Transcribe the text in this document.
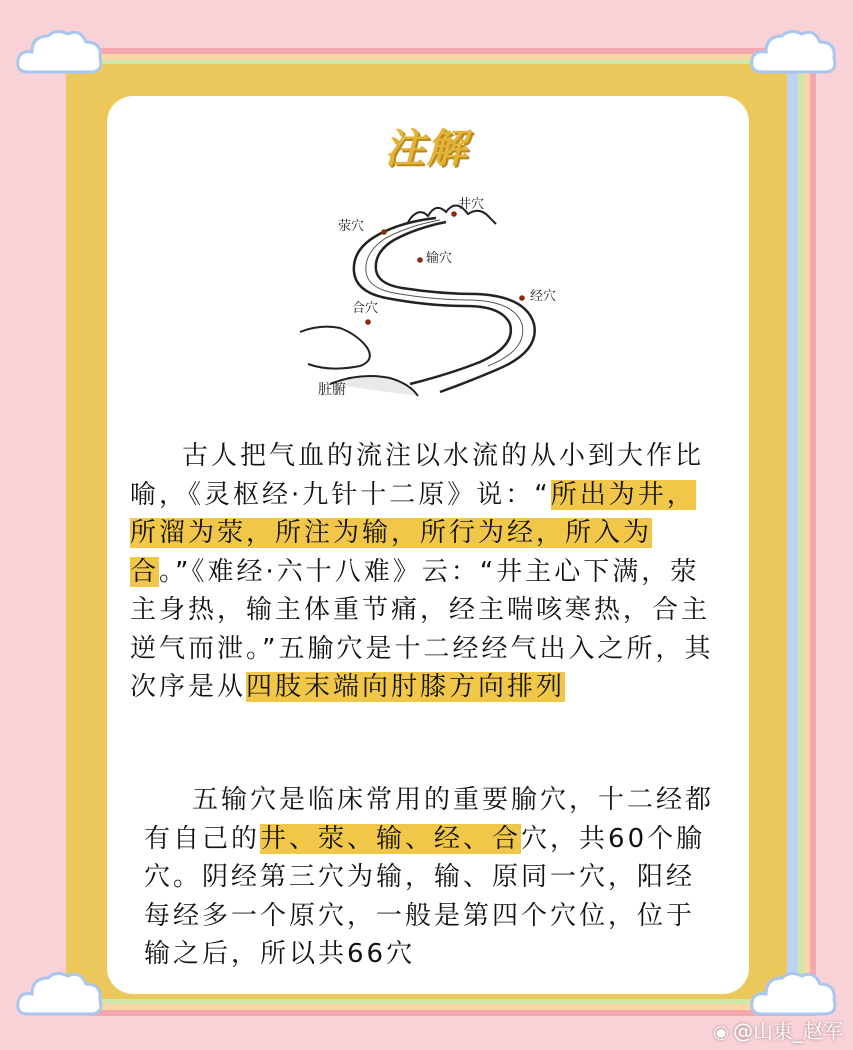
注解
井穴
荥穴
输穴
经穴
合穴
脏腑
古人把气血的流注以水流的从小到大作比喻，《灵枢经·九针十二原》说：“所出为井，所溜为荥，所注为输，所行为经，所入为合。”《难经·六十八难》云：“井主心下满，荥主身热，输主体重节痛，经主喘咳寒热，合主逆气而泄。”五腧穴是十二经经气出入之所，其次序是从四肢末端向肘膝方向排列
五输穴是临床常用的重要腧穴，十二经都有自己的井、荥、输、经、合穴，共60个腧穴。阴经第三穴为输，输、原同一穴，阳经每经多一个原穴，一般是第四个穴位，位于输之后，所以共66穴
◉ @山東_赵军
